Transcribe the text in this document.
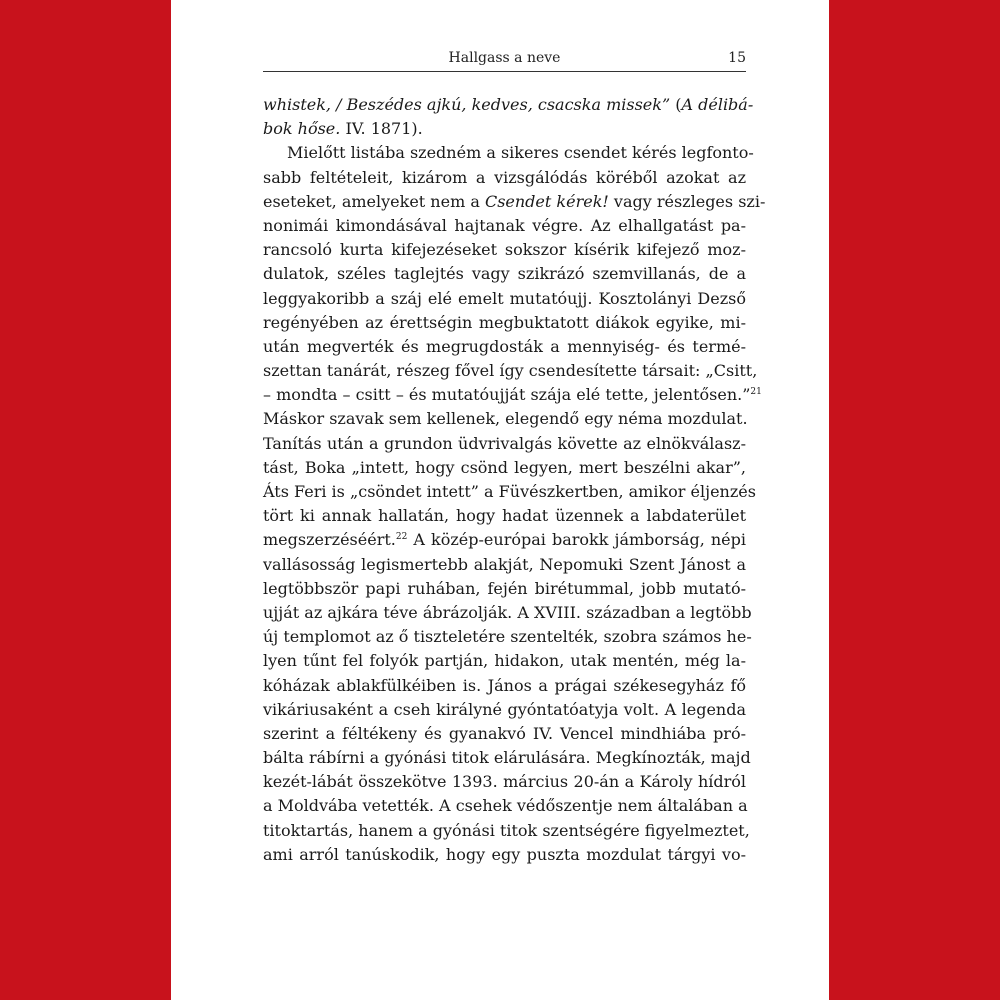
Hallgass a neve	15
whistek, / Beszédes ajkú, kedves, csacska missek” (A délibá-
bok hőse. IV. 1871).
Mielőtt listába szedném a sikeres csendet kérés legfonto-
sabb feltételeit, kizárom a vizsgálódás köréből azokat az
eseteket, amelyeket nem a Csendet kérek! vagy részleges szi-
nonimái kimondásával hajtanak végre. Az elhallgatást pa-
rancsoló kurta kifejezéseket sokszor kísérik kifejező moz-
dulatok, széles taglejtés vagy szikrázó szemvillanás, de a
leggyakoribb a száj elé emelt mutatóujj. Kosztolányi Dezső
regényében az érettségin megbuktatott diákok egyike, mi-
után megverték és megrugdosták a mennyiség- és termé-
szettan tanárát, részeg fővel így csendesítette társait: „Csitt,
– mondta – csitt – és mutatóujját szája elé tette, jelentősen.”$^{21}$
Máskor szavak sem kellenek, elegendő egy néma mozdulat.
Tanítás után a grundon üdvrivalgás követte az elnökválasz-
tást, Boka „intett, hogy csönd legyen, mert beszélni akar”,
Áts Feri is „csöndet intett” a Füvészkertben, amikor éljenzés
tört ki annak hallatán, hogy hadat üzennek a labdaterület
megszerzéséért.$^{22}$ A közép-európai barokk jámborság, népi
vallásosság legismertebb alakját, Nepomuki Szent Jánost a
legtöbbször papi ruhában, fején birétummal, jobb mutató-
ujját az ajkára téve ábrázolják. A XVIII. században a legtöbb
új templomot az ő tiszteletére szentelték, szobra számos he-
lyen tűnt fel folyók partján, hidakon, utak mentén, még la-
kóházak ablakfülkéiben is. János a prágai székesegyház fő
vikáriusaként a cseh királyné gyóntatóatyja volt. A legenda
szerint a féltékeny és gyanakvó IV. Vencel mindhiába pró-
bálta rábírni a gyónási titok elárulására. Megkínozták, majd
kezét-lábát összekötve 1393. március 20-án a Károly hídról
a Moldvába vetették. A csehek védőszentje nem általában a
titoktartás, hanem a gyónási titok szentségére figyelmeztet,
ami arról tanúskodik, hogy egy puszta mozdulat tárgyi vo-
